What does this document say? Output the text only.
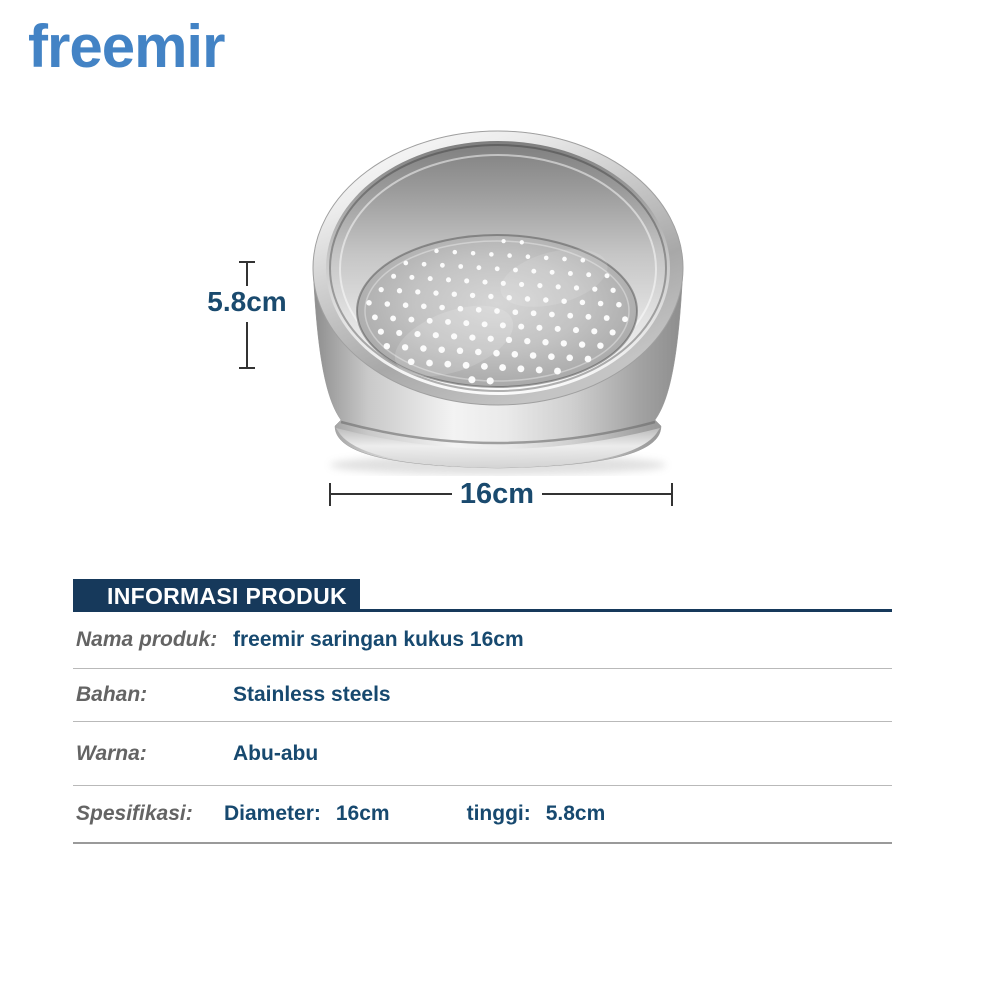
freemir
5.8cm
16cm
INFORMASI PRODUK
Nama produk: freemir saringan kukus 16cm
Bahan:	Stainless steels
Warna:	Abu-abu
Spesifikasi:	Diameter: 16cm	tinggi: 5.8cm
